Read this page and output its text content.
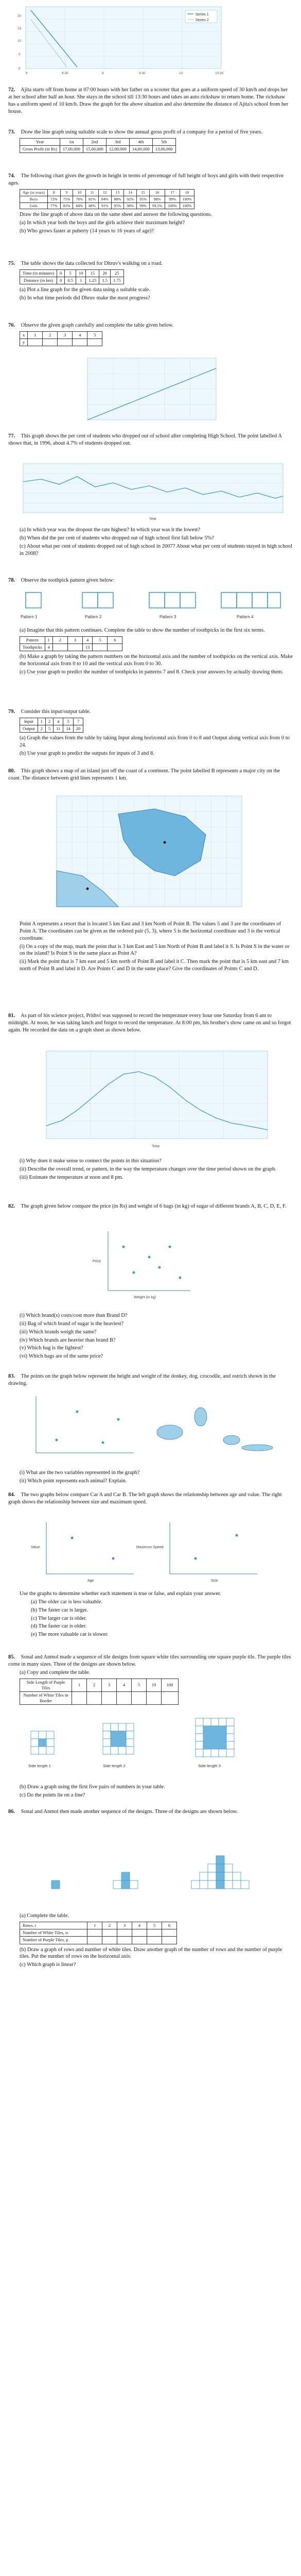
Series 1
Series 2
8	8:30	9	9:30	10	10:30
0
5
10
15
20
72. Ajita starts off from home at 07:00 hours with her father on a scooter that goes at a uniform speed of 30 km/h and drops her at her school after half an hour. She stays in the school till 13:30 hours and takes an auto rickshaw to return home. The rickshaw has a uniform speed of 10 km/h. Draw the graph for the above situation and also determine the distance of Ajita's school from her house.
73. Draw the line graph using suitable scale to show the annual gross profit of a company for a period of five years.
Year	1st	2nd	3rd	4th	5th
Gross Profit (in Rs)	17,00,000	15,00,000	12,00,000	14,00,000	13,00,000
74. The following chart gives the growth in height in terms of percentage of full height of boys and girls with their respective ages.
Age (in years)	8	9	10	11	12	13	14	15	16	17	18
Boys	72%	75%	78%	81%	84%	88%	92%	95%	98%	99%	100%
Girls	77%	81%	84%	88%	91%	95%	98%	99%	99.5%	100%	100%
Draw the line graph of above data on the same sheet and answer the following questions.
(a) In which year both the boys and the girls achieve their maximum height?
(b) Who grows faster at puberty (14 years to 16 years of age)?
75. The table shows the data collected for Dhruv's walking on a road.
Time (in minutes)	0	5	10	15	20	25
Distance (in km)	0	0.5	1	1.25	1.5	1.75
(a) Plot a line graph for the given data using a suitable scale.
(b) In what time periods did Dhruv make the most progress?
76. Observe the given graph carefully and complete the table given below.
x	1	2	3	4	5
y					
77. This graph shows the per cent of students who dropped out of school after completing High School. The point labelled A shows that, in 1996, about 4.7% of students dropped out.
Year
(a) In which year was the dropout the rate highest? In which year was it the lowest?
(b) When did the per cent of students who dropped out of high school first fall below 5%?
(c) About what per cent of students dropped out of high school in 2007? About what per cent of students stayed in high school in 2008?
78. Observe the toothpick pattern given below:
Pattern 1	Pattern 2	Pattern 3	Pattern 4
(a) Imagine that this pattern continues. Complete the table to show the number of toothpicks in the first six terms.
Pattern	1	2	3	4	5	6
Toothpicks	4			13		
(b) Make a graph by taking the pattern numbers on the horizontal axis and the number of toothpicks on the vertical axis. Make the horizontal axis from 0 to 10 and the vertical axis from 0 to 30.
(c) Use your graph to predict the number of toothpicks in patterns 7 and 8. Check your answers by actually drawing them.
79. Consider this input/output table.
Input	1	2	4	5	7
Output	2	5	11	14	20
(a) Graph the values from the table by taking Input along horizontal axis from 0 to 8 and Output along vertical axis from 0 to 24.
(b) Use your graph to predict the outputs for inputs of 3 and 8.
80. This graph shows a map of an island just off the coast of a continent. The point labelled B represents a major city on the coast. The distance between grid lines represents 1 km.
Point A represents a resort that is located 5 km East and 3 km North of Point B. The values 5 and 3 are the coordinates of Point A. The coordinates can be given as the ordered pair (5, 3), where 5 is the horizontal coordinate and 3 is the vertical coordinate.
(i) On a copy of the map, mark the point that is 3 km East and 5 km North of Point B and label it S. Is Point S in the water or on the island? Is Point S in the same place as Point A?
(ii) Mark the point that is 7 km east and 5 km north of Point B and label it C. Then mark the point that is 5 km east and 7 km north of Point B and label it D. Are Points C and D in the same place? Give the coordinates of Points C and D.
81. As part of his science project, Prithvi was supposed to record the temperature every hour one Saturday from 6 am to midnight. At noon, he was taking lunch and forgot to record the temperature. At 8:00 pm, his brother's show came on and so forgot again. He recorded the data on a graph sheet as shown below.
Time
(i) Why does it make sense to connect the points in this situation?
(ii) Describe the overall trend, or pattern, in the way the temperature changes over the time period shown on the graph.
(iii) Estimate the temperature at noon and 8 pm.
82. The graph given below compare the price (in Rs) and weight of 6 bags (in kg) of sugar of different brands A, B, C, D, E, F.
Weight (in kg)
Price
(i) Which brand(s) costs/cost more than Brand D?
(ii) Bag of which brand of sugar is the heaviest?
(iii) Which brands weigh the same?
(iv) Which brands are heavier than brand B?
(v) Which bag is the lightest?
(vi) Which bags are of the same price?
83. The points on the graph below represent the height and weight of the donkey, dog, crocodile, and ostrich shown in the drawing.
(i) What are the two variables represented in the graph?
(ii) Which point represents each animal? Explain.
84. The two graphs below compare Car A and Car B. The left graph shows the relationship between age and value. The right graph shows the relationship between size and maximum speed.
Age
Value
Size
Maximum Speed
Use the graphs to determine whether each statement is true or false, and explain your answer.
(a) The older car is less valuable.
(b) The faster car is larger.
(c) The larger car is older.
(d) The faster car is older.
(e) The more valuable car is slower.
85. Sonal and Anmol made a sequence of tile designs from square white tiles surrounding one square purple tile. The purple tiles come in many sizes. Three of the designs are shown below.
(a) Copy and complete the table.
Side Length of Purple Tiles	1	2	3	4	5	10	100
Number of White Tiles in Border							
Side length 1	Side length 2	Side length 3
(b) Draw a graph using the first five pairs of numbers in your table.
(c) Do the points lie on a line?
86. Sonal and Anmol then made another sequence of the designs. Three of the designs are shown below.
(a) Complete the table.
Rows, r	1	2	3	4	5	6
Number of White Tiles, w						
Number of Purple Tiles, p						
(b) Draw a graph of rows and number of white tiles. Draw another graph of the number of rows and the number of purple tiles. Put the number of rows on the horizontal axis.
(c) Which graph is linear?
